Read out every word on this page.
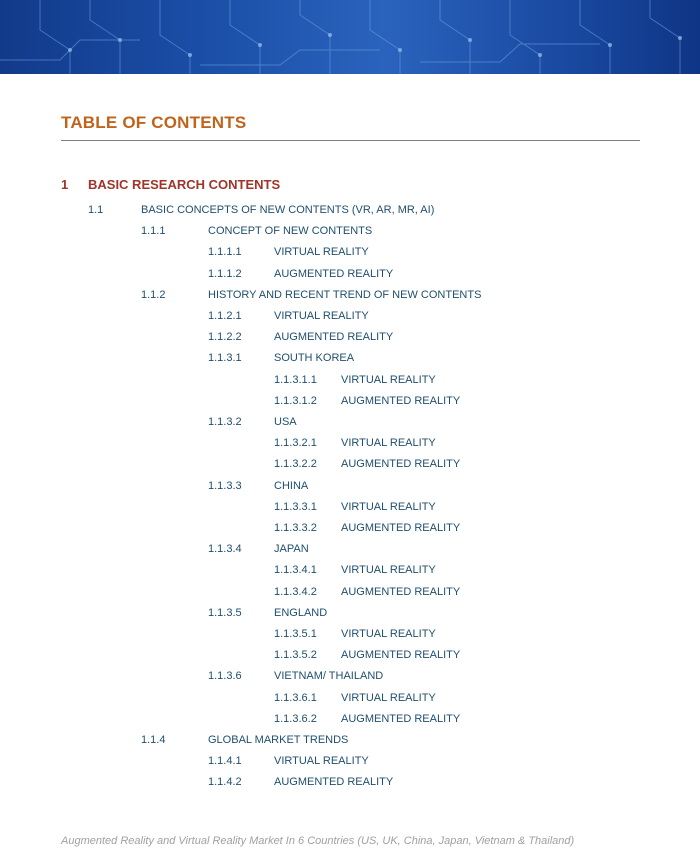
TABLE OF CONTENTS
1 BASIC RESEARCH CONTENTS
1.1	BASIC CONCEPTS OF NEW CONTENTS (VR, AR, MR, AI)
1.1.1	CONCEPT OF NEW CONTENTS
1.1.1.1	VIRTUAL REALITY
1.1.1.2	AUGMENTED REALITY
1.1.2	HISTORY AND RECENT TREND OF NEW CONTENTS
1.1.2.1	VIRTUAL REALITY
1.1.2.2	AUGMENTED REALITY
1.1.3.1	SOUTH KOREA
1.1.3.1.1 VIRTUAL REALITY
1.1.3.1.2 AUGMENTED REALITY
1.1.3.2	USA
1.1.3.2.1 VIRTUAL REALITY
1.1.3.2.2 AUGMENTED REALITY
1.1.3.3	CHINA
1.1.3.3.1 VIRTUAL REALITY
1.1.3.3.2 AUGMENTED REALITY
1.1.3.4	JAPAN
1.1.3.4.1 VIRTUAL REALITY
1.1.3.4.2 AUGMENTED REALITY
1.1.3.5	ENGLAND
1.1.3.5.1 VIRTUAL REALITY
1.1.3.5.2 AUGMENTED REALITY
1.1.3.6	VIETNAM/ THAILAND
1.1.3.6.1 VIRTUAL REALITY
1.1.3.6.2 AUGMENTED REALITY
1.1.4	GLOBAL MARKET TRENDS
1.1.4.1	VIRTUAL REALITY
1.1.4.2	AUGMENTED REALITY
Augmented Reality and Virtual Reality Market In 6 Countries (US, UK, China, Japan, Vietnam & Thailand)
